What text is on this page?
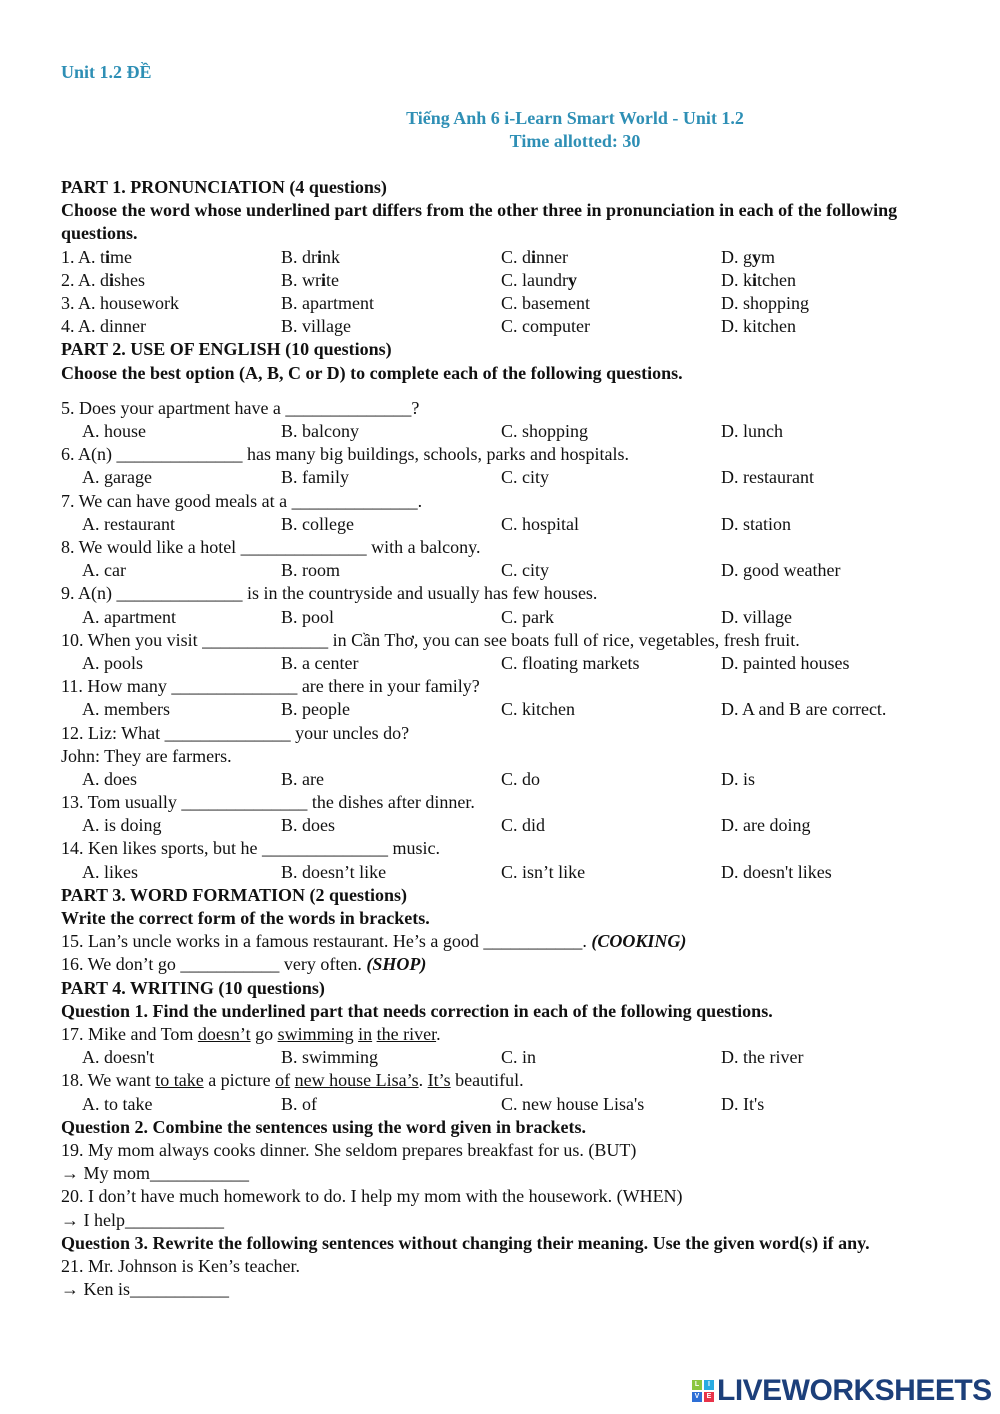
Unit 1.2 ĐỀ
Tiếng Anh 6 i-Learn Smart World - Unit 1.2
Time allotted: 30
PART 1. PRONUNCIATION (4 questions)
Choose the word whose underlined part differs from the other three in pronunciation in each of the following questions.
1. A. time	B. drink	C. dinner	D. gym
2. A. dishes	B. write	C. laundry	D. kitchen
3. A. housework	B. apartment	C. basement	D. shopping
4. A. dinner	B. village	C. computer	D. kitchen
PART 2. USE OF ENGLISH (10 questions)
Choose the best option (A, B, C or D) to complete each of the following questions.
5. Does your apartment have a ______________?
A. house	B. balcony	C. shopping	D. lunch
6. A(n) ______________ has many big buildings, schools, parks and hospitals.
A. garage	B. family	C. city	D. restaurant
7. We can have good meals at a ______________.
A. restaurant	B. college	C. hospital	D. station
8. We would like a hotel ______________ with a balcony.
A. car	B. room	C. city	D. good weather
9. A(n) ______________ is in the countryside and usually has few houses.
A. apartment	B. pool	C. park	D. village
10. When you visit ______________ in Cần Thơ, you can see boats full of rice, vegetables, fresh fruit.
A. pools	B. a center	C. floating markets	D. painted houses
11. How many ______________ are there in your family?
A. members	B. people	C. kitchen	D. A and B are correct.
12. Liz: What ______________ your uncles do?
John: They are farmers.
A. does	B. are	C. do	D. is
13. Tom usually ______________ the dishes after dinner.
A. is doing	B. does	C. did	D. are doing
14. Ken likes sports, but he ______________ music.
A. likes	B. doesn’t like	C. isn’t like	D. doesn't likes
PART 3. WORD FORMATION (2 questions)
Write the correct form of the words in brackets.
15. Lan’s uncle works in a famous restaurant. He’s a good ___________. (COOKING)
16. We don’t go ___________ very often. (SHOP)
PART 4. WRITING (10 questions)
Question 1. Find the underlined part that needs correction in each of the following questions.
17. Mike and Tom doesn’t go swimming in the river.
A. doesn't	B. swimming	C. in	D. the river
18. We want to take a picture of new house Lisa’s. It’s beautiful.
A. to take	B. of	C. new house Lisa's	D. It's
Question 2. Combine the sentences using the word given in brackets.
19. My mom always cooks dinner. She seldom prepares breakfast for us. (BUT)
→ My mom___________
20. I don’t have much homework to do. I help my mom with the housework. (WHEN)
→ I help___________
Question 3. Rewrite the following sentences without changing their meaning. Use the given word(s) if any.
21. Mr. Johnson is Ken’s teacher.
→ Ken is___________
L	I
V	E LIVEWORKSHEETS
